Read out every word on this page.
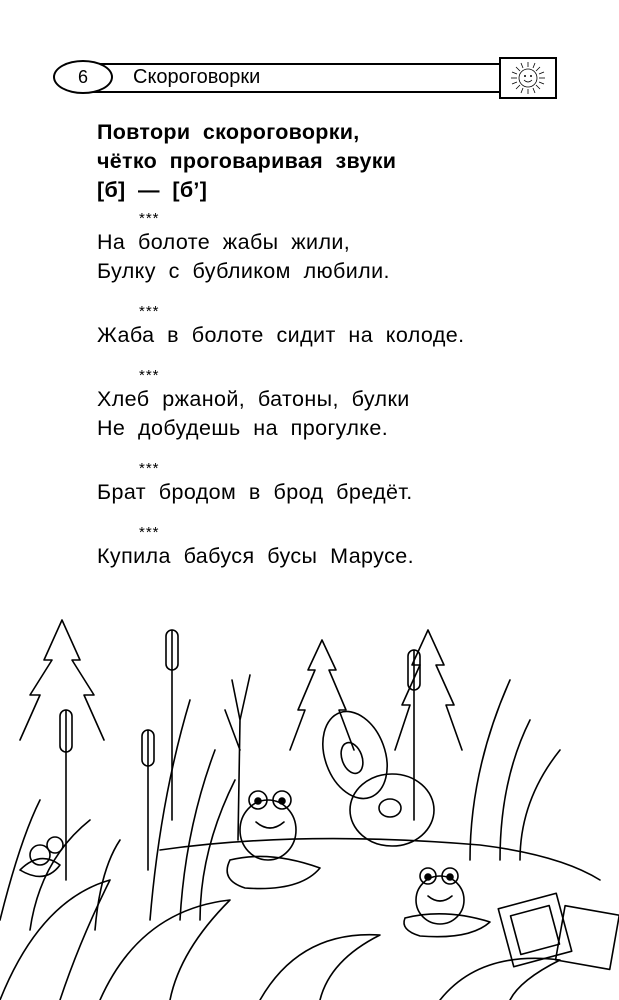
6	Скороговорки
Повтори  скороговорки,
чётко  проговаривая  звуки
[б]  —  [б’]
***
На  болоте  жабы  жили,
Булку  с  бубликом  любили.
***
Жаба  в  болоте  сидит  на  колоде.
***
Хлеб  ржаной,  батоны,  булки
Не  добудешь  на  прогулке.
***
Брат  бродом  в  брод  бредёт.
***
Купила  бабуся  бусы  Марусе.
